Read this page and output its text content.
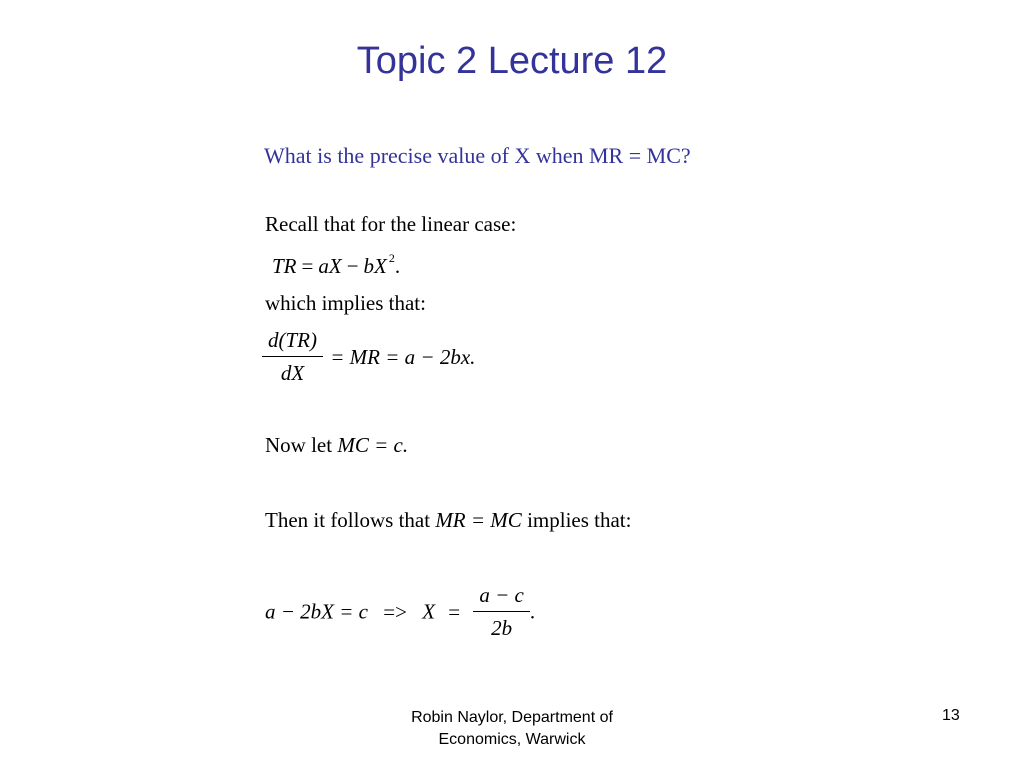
Topic 2 Lecture 12
What is the precise value of X when MR = MC?
Recall that for the linear case:
TR = aX − bX $^2$.
which implies that:
$\frac{d(TR)}{dX}$ = MR = a − 2bx.
Now let MC = c.
Then it follows that MR = MC implies that:
$a - 2bX = c => X = \frac{a - c}{2b}$ .
Robin Naylor, Department of Economics, Warwick
13
